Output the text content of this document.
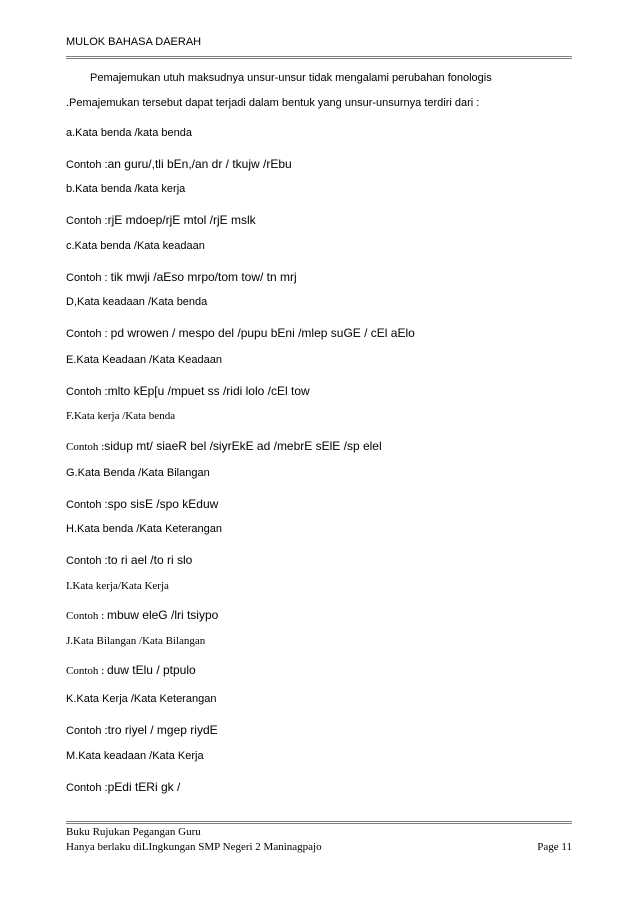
MULOK BAHASA DAERAH
Pemajemukan utuh maksudnya unsur-unsur tidak mengalami perubahan fonologis
.Pemajemukan tersebut dapat terjadi dalam bentuk yang unsur-unsurnya terdiri dari :
a.Kata benda /kata benda
Contoh :an guru/,tli bEn,/an dr / tkujw /rEbu
b.Kata benda /kata kerja
Contoh :rjE mdoep/rjE mtol /rjE mslk
c.Kata benda /Kata keadaan
Contoh : tik mwji /aEso mrpo/tom tow/ tn mrj
D,Kata keadaan /Kata benda
Contoh : pd wrowen / mespo del /pupu bEni /mlep suGE / cEl aElo
E.Kata Keadaan /Kata Keadaan
Contoh :mlto kEp[u /mpuet ss /ridi lolo /cEl tow
F.Kata kerja /Kata benda
Contoh :sidup mt/ siaeR bel /siyrEkE ad /mebrE sElE /sp elel
G.Kata Benda /Kata Bilangan
Contoh :spo sisE /spo kEduw
H.Kata benda /Kata Keterangan
Contoh :to ri ael /to ri slo
I.Kata kerja/Kata Kerja
Contoh : mbuw eleG /lri tsiypo
J.Kata Bilangan /Kata Bilangan
Contoh : duw tElu / ptpulo
K.Kata Kerja /Kata Keterangan
Contoh :tro riyel / mgep riydE
M.Kata keadaan /Kata Kerja
Contoh :pEdi tERi gk /
Buku Rujukan Pegangan Guru
Hanya berlaku diLIngkungan SMP Negeri 2 Maninagpajo	Page 11
